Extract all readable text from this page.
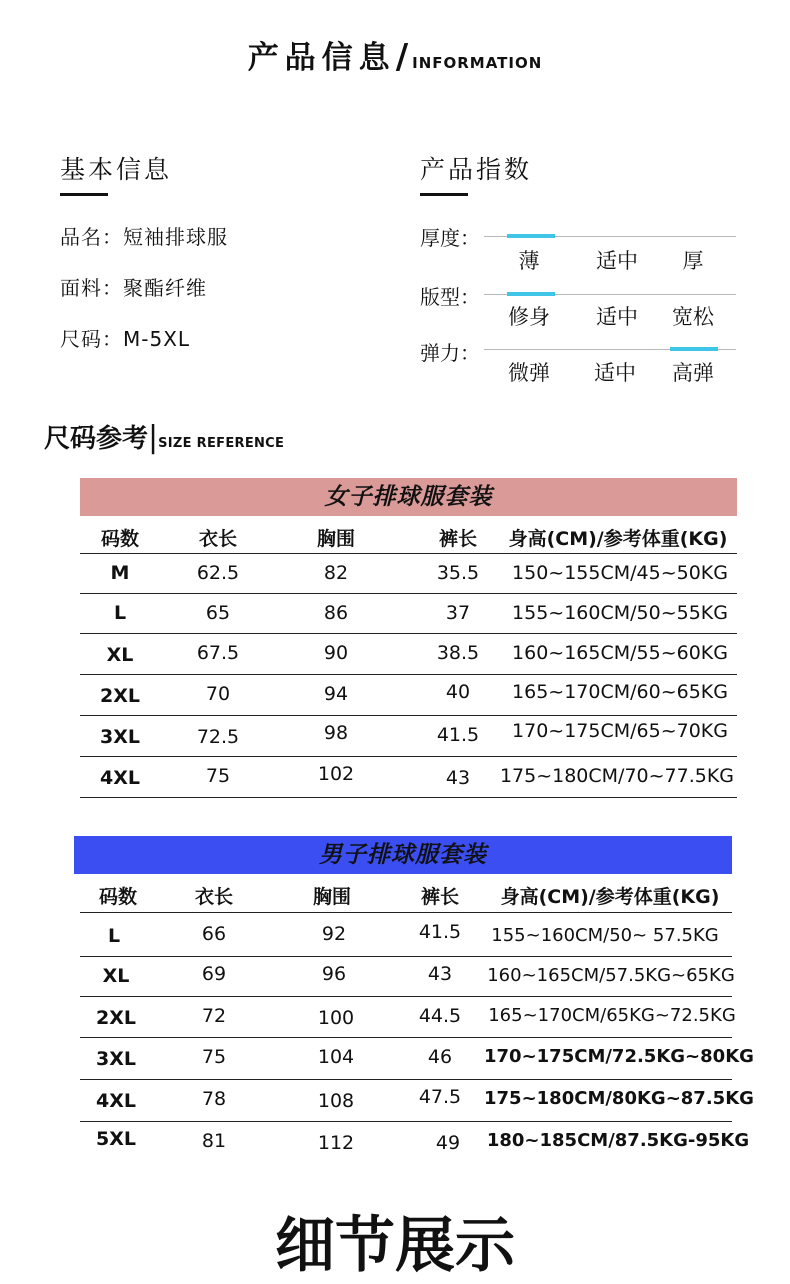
产品信息/ INFORMATION
基本信息
品名：短袖排球服
面料：聚酯纤维
尺码：M-5XL
产品指数
厚度：
薄	适中	厚
版型：
修身	适中	宽松
弹力：
微弹	适中	高弹
尺码参考|SIZE REFERENCE
女子排球服套装
码数	衣长	胸围	裤长	身高(CM)/参考体重(KG)
M	62.5	82	35.5	150~155CM/45~50KG
L	65	86	37	155~160CM/50~55KG
XL	67.5	90	38.5	160~165CM/55~60KG
2XL	70	94	40	165~170CM/60~65KG
3XL	72.5	98	41.5	170~175CM/65~70KG
4XL	75	102	43	175~180CM/70~77.5KG
男子排球服套装
码数	衣长	胸围	裤长	身高(CM)/参考体重(KG)
L	66	92	41.5	155~160CM/50~ 57.5KG
XL	69	96	43	160~165CM/57.5KG~65KG
2XL	72	100	44.5	165~170CM/65KG~72.5KG
3XL	75	104	46	170~175CM/72.5KG~80KG
4XL	78	108	47.5	175~180CM/80KG~87.5KG
5XL	81	112	49	180~185CM/87.5KG-95KG
细节展示
